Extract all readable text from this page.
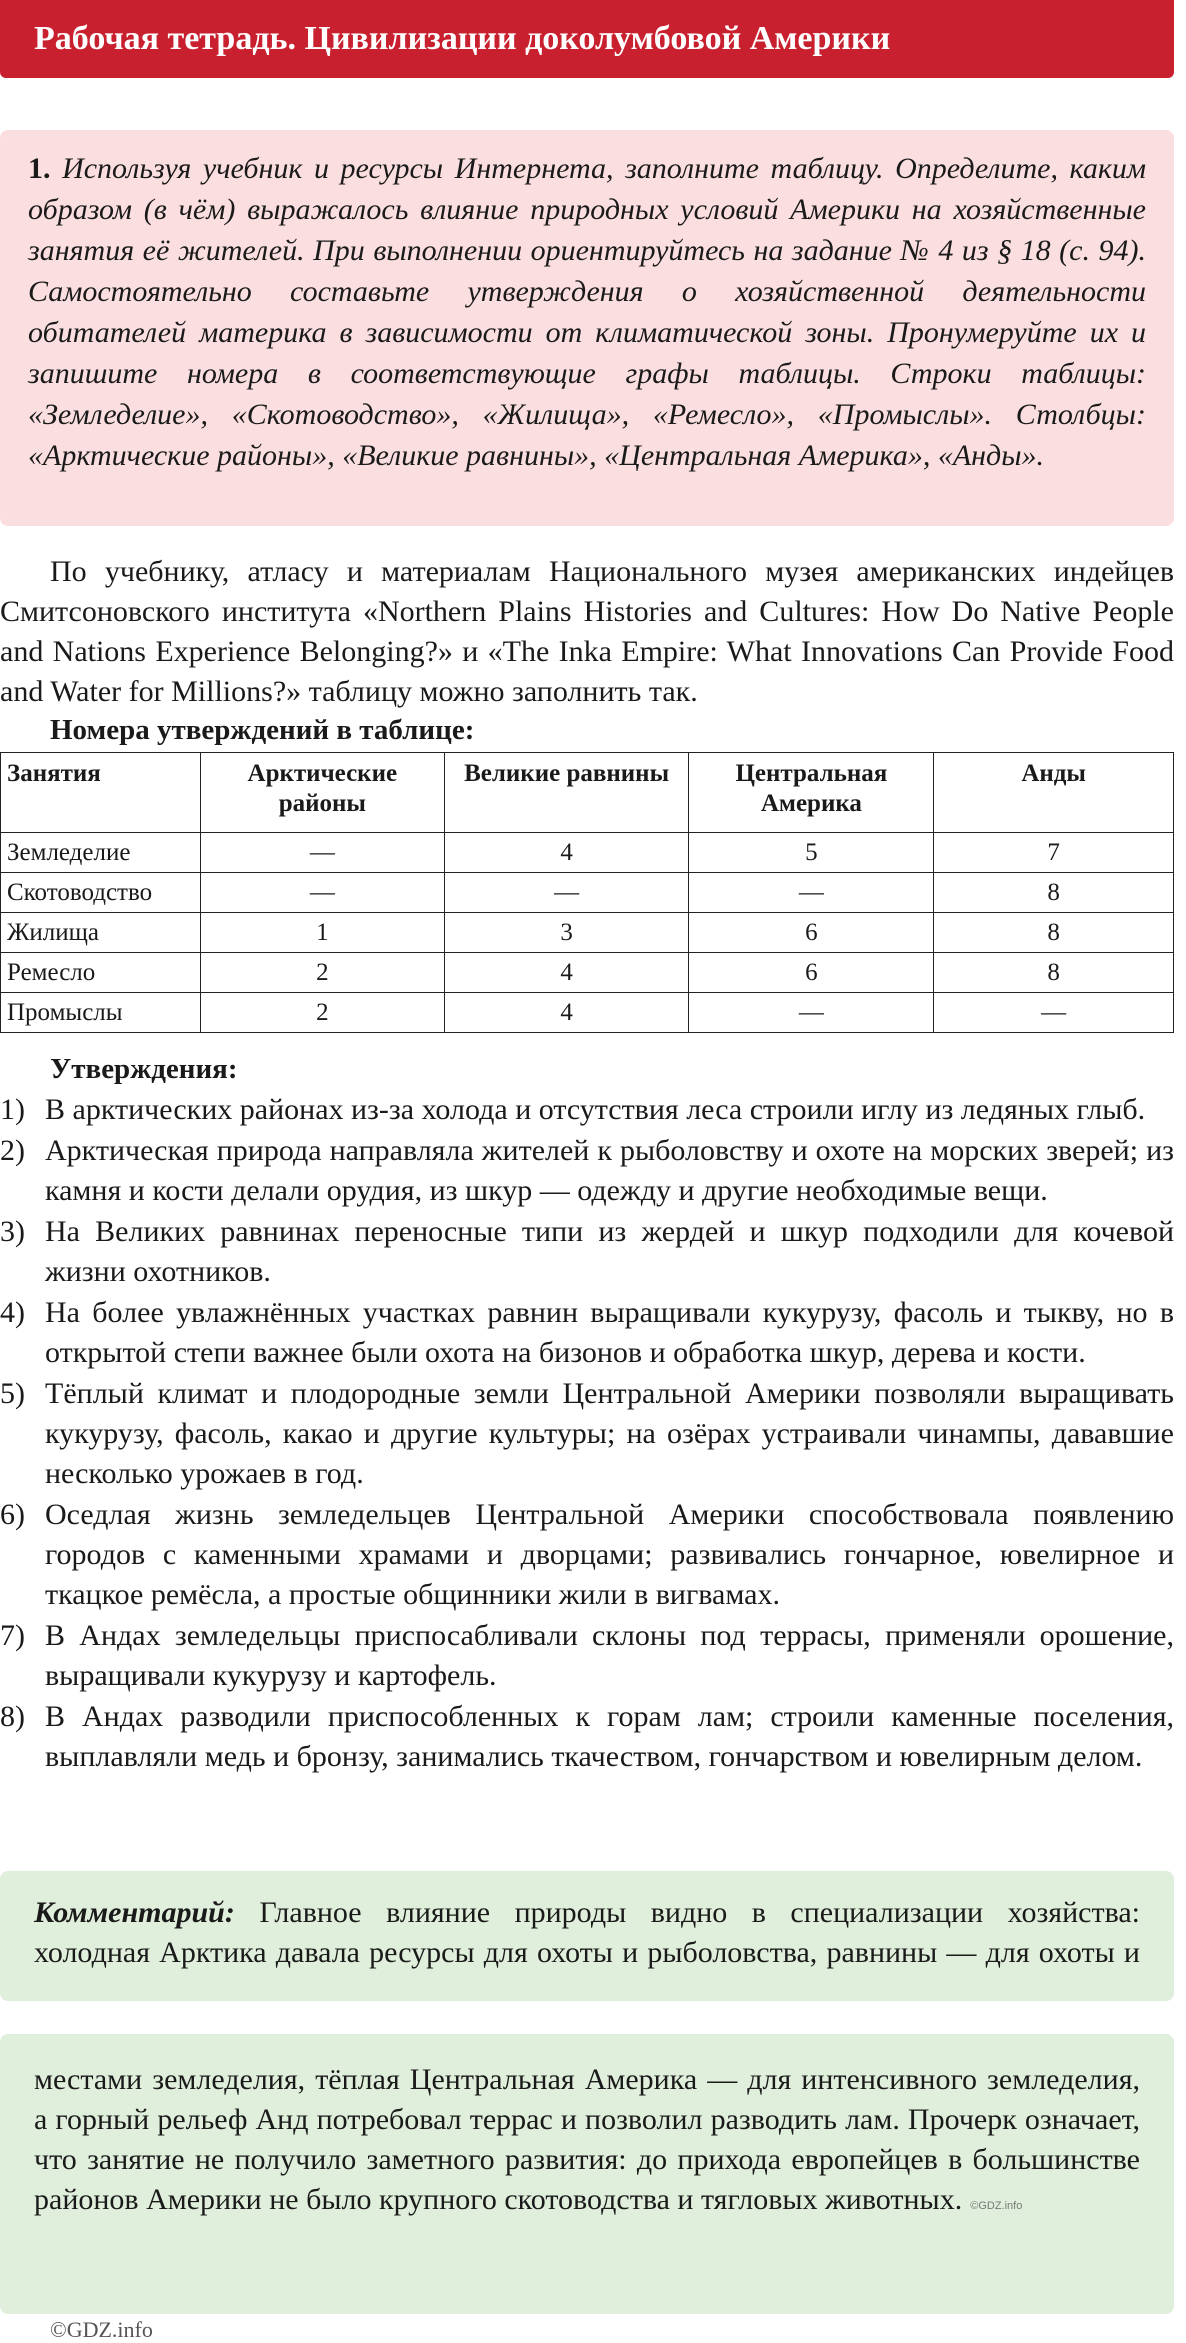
Рабочая тетрадь. Цивилизации доколумбовой Америки
1. Используя учебник и ресурсы Интернета, заполните таблицу. Определите, каким образом (в чём) выражалось влияние природных условий Америки на хозяйственные занятия её жителей. При выполнении ориентируйтесь на задание № 4 из § 18 (с. 94). Самостоятельно составьте утверждения о хозяйственной деятельности обитателей материка в зависимости от климатической зоны. Пронумеруйте их и запишите номера в соответствующие графы таблицы. Строки таблицы: «Земледелие», «Скотоводство», «Жилища», «Ремесло», «Промыслы». Столбцы: «Арктические районы», «Великие равнины», «Центральная Америка», «Анды».
По учебнику, атласу и материалам Национального музея американских индейцев Смитсоновского института «Northern Plains Histories and Cultures: How Do Native People and Nations Experience Belonging?» и «The Inka Empire: What Innovations Can Provide Food and Water for Millions?» таблицу можно заполнить так.
Номера утверждений в таблице:
Занятия	Арктические районы	Великие равнины	Центральная Америка	Анды
Земледелие	—	4	5	7
Скотоводство	—	—	—	8
Жилища	1	3	6	8
Ремесло	2	4	6	8
Промыслы	2	4	—	—
Утверждения:
1) В арктических районах из-за холода и отсутствия леса строили иглу из ледяных глыб.
2) Арктическая природа направляла жителей к рыболовству и охоте на морских зверей; из камня и кости делали орудия, из шкур — одежду и другие необходимые вещи.
3) На Великих равнинах переносные типи из жердей и шкур подходили для кочевой жизни охотников.
4) На более увлажнённых участках равнин выращивали кукурузу, фасоль и тыкву, но в открытой степи важнее были охота на бизонов и обработка шкур, дерева и кости.
5) Тёплый климат и плодородные земли Центральной Америки позволяли выращивать кукурузу, фасоль, какао и другие культуры; на озёрах устраивали чинампы, дававшие несколько урожаев в год.
6) Оседлая жизнь земледельцев Центральной Америки способствовала появлению городов с каменными храмами и дворцами; развивались гончарное, ювелирное и ткацкое ремёсла, а простые общинники жили в вигвамах.
7) В Андах земледельцы приспосабливали склоны под террасы, применяли орошение, выращивали кукурузу и картофель.
8) В Андах разводили приспособленных к горам лам; строили каменные поселения, выплавляли медь и бронзу, занимались ткачеством, гончарством и ювелирным делом.
Комментарий: Главное влияние природы видно в специализации хозяйства: холодная Арктика давала ресурсы для охоты и рыболовства, равнины — для охоты и
местами земледелия, тёплая Центральная Америка — для интенсивного земледелия, а горный рельеф Анд потребовал террас и позволил разводить лам. Прочерк означает, что занятие не получило заметного развития: до прихода европейцев в большинстве районов Америки не было крупного скотоводства и тягловых животных. ©GDZ.info
©GDZ.info
